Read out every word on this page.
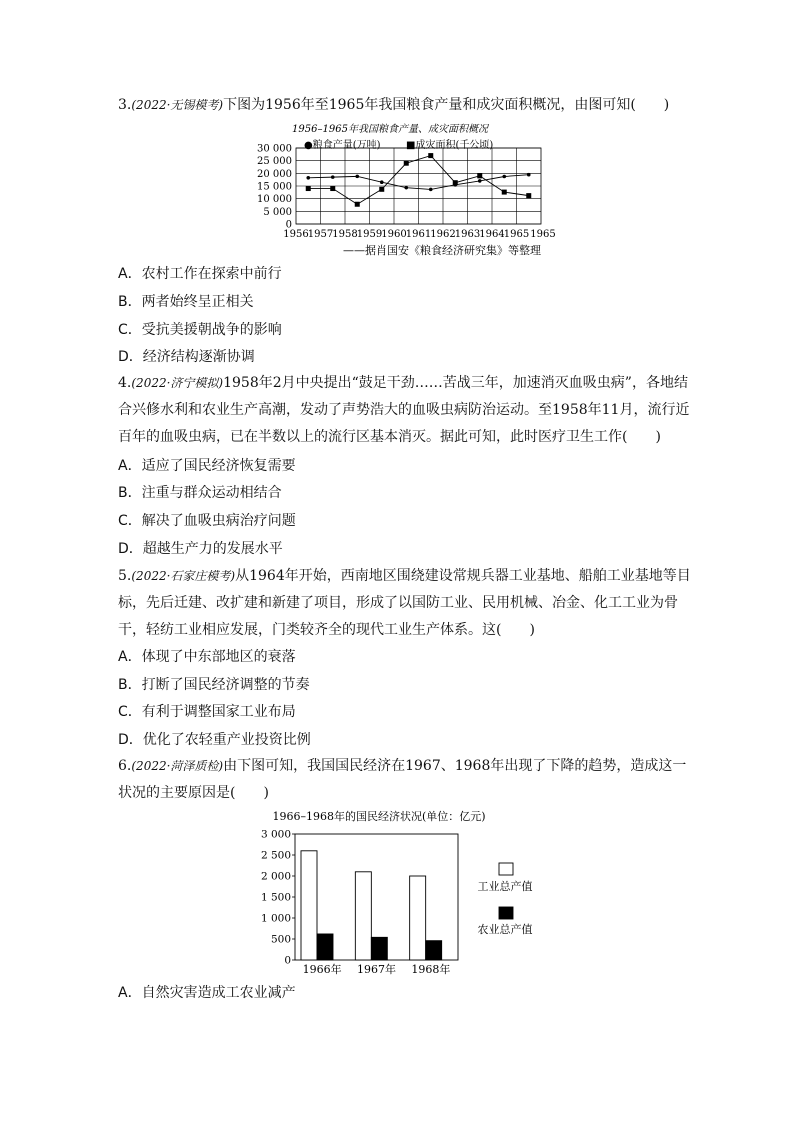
3.(2022·无锡模考)下图为1956年至1965年我国粮食产量和成灾面积概况，由图可知(　　)
1956–1965年我国粮食产量、成灾面积概况
●粮食产量(万吨)	■成灾面积(千公顷)
0
5 000
10 000
15 000
20 000
25 000
30 000
1956 1957 1958 1959 1960 1961 1962 1963 1964 1965 1965
——据肖国安《粮食经济研究集》等整理
A．农村工作在探索中前行
B．两者始终呈正相关
C．受抗美援朝战争的影响
D．经济结构逐渐协调
4.(2022·济宁模拟)1958年2月中央提出“鼓足干劲……苦战三年，加速消灭血吸虫病”，各地结合兴修水利和农业生产高潮，发动了声势浩大的血吸虫病防治运动。至1958年11月，流行近百年的血吸虫病，已在半数以上的流行区基本消灭。据此可知，此时医疗卫生工作(　　)
A．适应了国民经济恢复需要
B．注重与群众运动相结合
C．解决了血吸虫病治疗问题
D．超越生产力的发展水平
5.(2022·石家庄模考)从1964年开始，西南地区围绕建设常规兵器工业基地、船舶工业基地等目标，先后迁建、改扩建和新建了项目，形成了以国防工业、民用机械、冶金、化工工业为骨干，轻纺工业相应发展，门类较齐全的现代工业生产体系。这(　　)
A．体现了中东部地区的衰落
B．打断了国民经济调整的节奏
C．有利于调整国家工业布局
D．优化了农轻重产业投资比例
6.(2022·菏泽质检)由下图可知，我国国民经济在1967、1968年出现了下降的趋势，造成这一状况的主要原因是(　　)
1966–1968年的国民经济状况(单位：亿元)
0
500
1 000
1 500
2 000
2 500
3 000
1966年 1967年 1968年
工业总产值
农业总产值
A．自然灾害造成工农业减产
